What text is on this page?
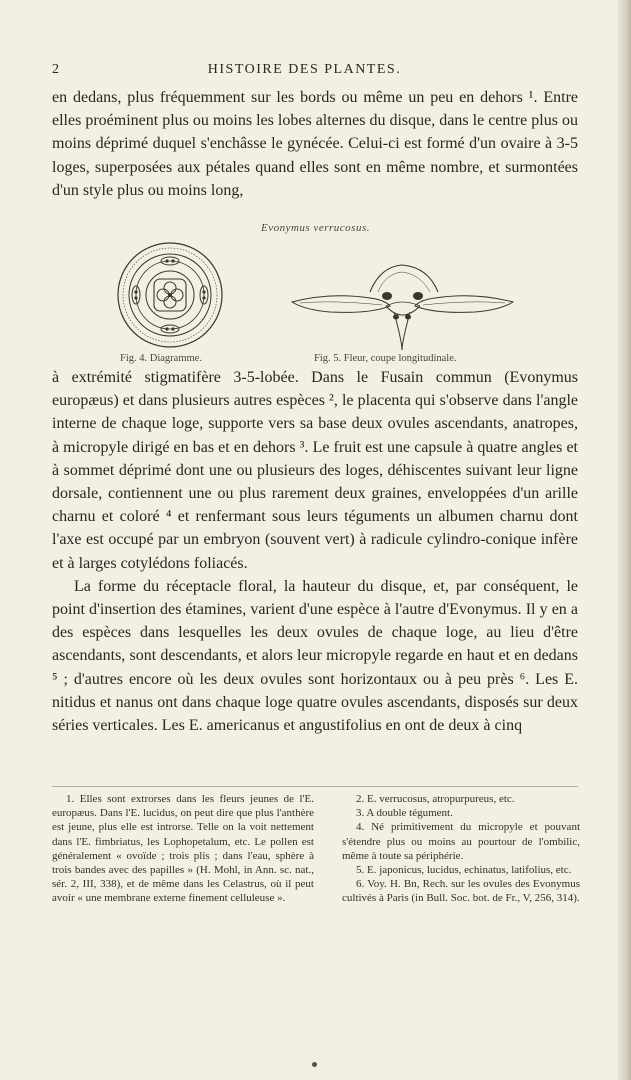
2	HISTOIRE DES PLANTES.

en dedans, plus fréquemment sur les bords ou même un peu en dehors ¹. Entre elles proéminent plus ou moins les lobes alternes du disque, dans le centre plus ou moins déprimé duquel s'enchâsse le gynécée. Celui-ci est formé d'un ovaire à 3-5 loges, superposées aux pétales quand elles sont en même nombre, et surmontées d'un style plus ou moins long,

Evonymus verrucosus.
Fig. 4. Diagramme.	Fig. 5. Fleur, coupe longitudinale.

à extrémité stigmatifère 3-5-lobée. Dans le Fusain commun (Evonymus europæus) et dans plusieurs autres espèces ², le placenta qui s'observe dans l'angle interne de chaque loge, supporte vers sa base deux ovules ascendants, anatropes, à micropyle dirigé en bas et en dehors ³. Le fruit est une capsule à quatre angles et à sommet déprimé dont une ou plusieurs des loges, déhiscentes suivant leur ligne dorsale, contiennent une ou plus rarement deux graines, enveloppées d'un arille charnu et coloré ⁴ et renfermant sous leurs téguments un albumen charnu dont l'axe est occupé par un embryon (souvent vert) à radicule cylindro-conique infère et à larges cotylédons foliacés.

La forme du réceptacle floral, la hauteur du disque, et, par conséquent, le point d'insertion des étamines, varient d'une espèce à l'autre d'Evonymus. Il y en a des espèces dans lesquelles les deux ovules de chaque loge, au lieu d'être ascendants, sont descendants, et alors leur micropyle regarde en haut et en dedans ⁵ ; d'autres encore où les deux ovules sont horizontaux ou à peu près ⁶. Les E. nitidus et nanus ont dans chaque loge quatre ovules ascendants, disposés sur deux séries verticales. Les E. americanus et angustifolius en ont de deux à cinq

1. Elles sont extrorses dans les fleurs jeunes de l'E. europæus. Dans l'E. lucidus, on peut dire que plus l'anthère est jeune, plus elle est introrse. Telle on la voit nettement dans l'E. fimbriatus, les Lophopetalum, etc. Le pollen est généralement « ovoïde ; trois plis ; dans l'eau, sphère à trois bandes avec des papilles » (H. Mohl, in Ann. sc. nat., sér. 2, III, 338), et de même dans les Celastrus, où il peut avoir « une membrane externe finement celluleuse ».

2. E. verrucosus, atropurpureus, etc.

3. A double tégument.

4. Né primitivement du micropyle et pouvant s'étendre plus ou moins au pourtour de l'ombilic, même à toute sa périphérie.

5. E. japonicus, lucidus, echinatus, latifolius, etc.

6. Voy. H. Bn, Rech. sur les ovules des Evonymus cultivés à Paris (in Bull. Soc. bot. de Fr., V, 256, 314).
